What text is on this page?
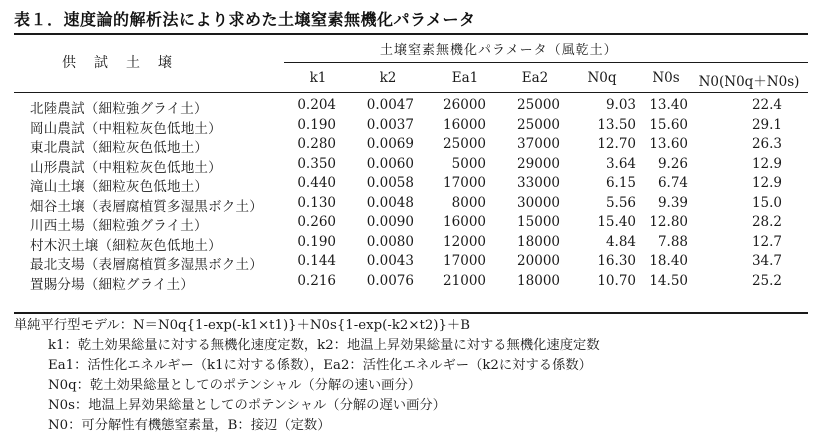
表１．速度論的解析法により求めた土壌窒素無機化パラメータ
供試土壌
土壌窒素無機化パラメータ（風乾土）
k1	k2	Ea1	Ea2	N0q	N0s	N0(N0q＋N0s)
北陸農試（細粒強グライ土）	0.204 0.0047 26000 25000	9.03 13.40	22.4
岡山農試（中粗粒灰色低地土）	0.190 0.0037 16000 25000	13.50 15.60	29.1
東北農試（細粒灰色低地土）	0.280 0.0069 25000 37000	12.70 13.60	26.3
山形農試（中粗粒灰色低地土）	0.350 0.0060	5000 29000	3.64 9.26	12.9
滝山土壌（細粒灰色低地土）	0.440 0.0058 17000 33000	6.15 6.74	12.9
畑谷土壌（表層腐植質多湿黒ボク土）	0.130 0.0048	8000 30000	5.56 9.39	15.0
川西土場（細粒強グライ土）	0.260 0.0090 16000 15000	15.40 12.80	28.2
村木沢土壌（細粒灰色低地土）	0.190 0.0080 12000 18000	4.84 7.88	12.7
最北支場（表層腐植質多湿黒ボク土）	0.144 0.0043 17000 20000	16.30 18.40	34.7
置賜分場（細粒グライ土）	0.216 0.0076 21000 18000	10.70 14.50	25.2
単純平行型モデル：N＝N0q{1-exp(-k1×t1)}＋N0s{1-exp(-k2×t2)}＋B
k1：乾土効果総量に対する無機化速度定数，k2：地温上昇効果総量に対する無機化速度定数
Ea1：活性化エネルギー（k1に対する係数），Ea2：活性化エネルギー（k2に対する係数）
N0q：乾土効果総量としてのポテンシャル（分解の速い画分）
N0s：地温上昇効果総量としてのポテンシャル（分解の遅い画分）
N0：可分解性有機態窒素量，B：接辺（定数）
